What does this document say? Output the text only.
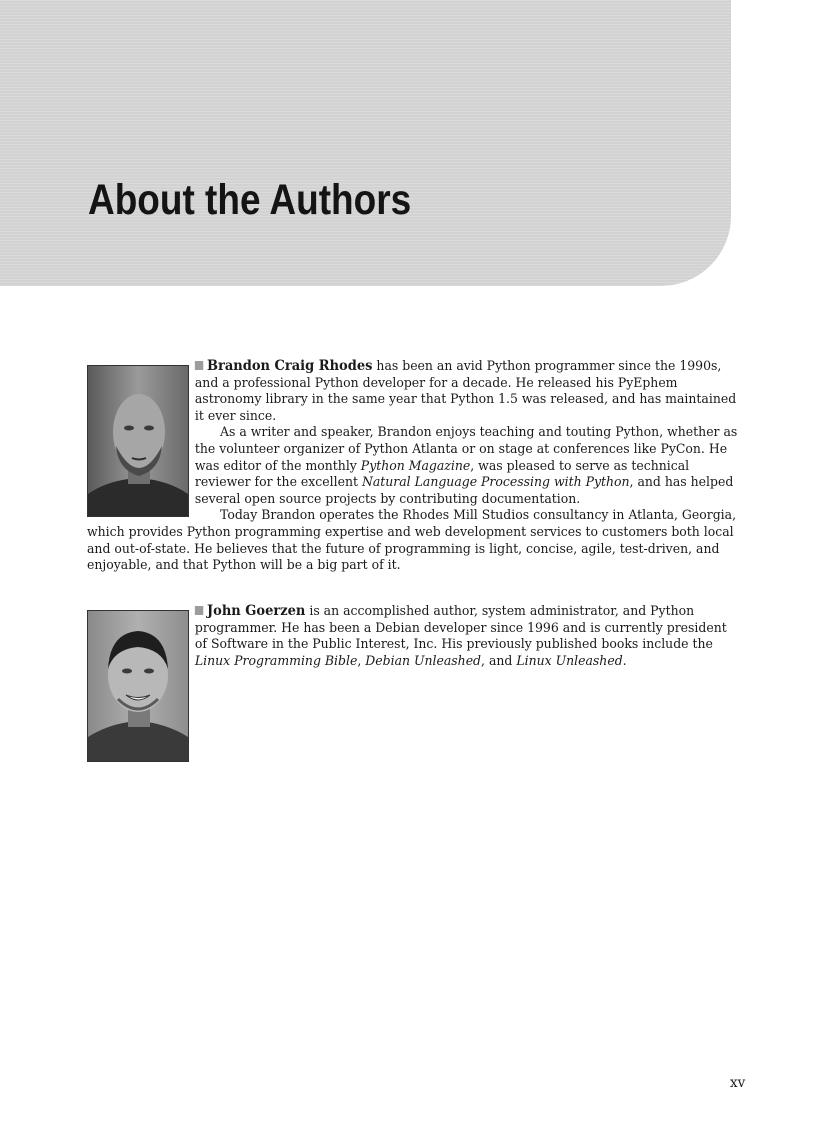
About the Authors

Brandon Craig Rhodes has been an avid Python programmer since the 1990s, and a professional Python developer for a decade. He released his PyEphem astronomy library in the same year that Python 1.5 was released, and has maintained it ever since.

As a writer and speaker, Brandon enjoys teaching and touting Python, whether as the volunteer organizer of Python Atlanta or on stage at conferences like PyCon. He was editor of the monthly Python Magazine, was pleased to serve as technical reviewer for the excellent Natural Language Processing with Python, and has helped several open source projects by contributing documentation.

Today Brandon operates the Rhodes Mill Studios consultancy in Atlanta, Georgia, which provides Python programming expertise and web development services to customers both local and out-of-state. He believes that the future of programming is light, concise, agile, test-driven, and enjoyable, and that Python will be a big part of it.

John Goerzen is an accomplished author, system administrator, and Python programmer. He has been a Debian developer since 1996 and is currently president of Software in the Public Interest, Inc. His previously published books include the Linux Programming Bible, Debian Unleashed, and Linux Unleashed.

xv
